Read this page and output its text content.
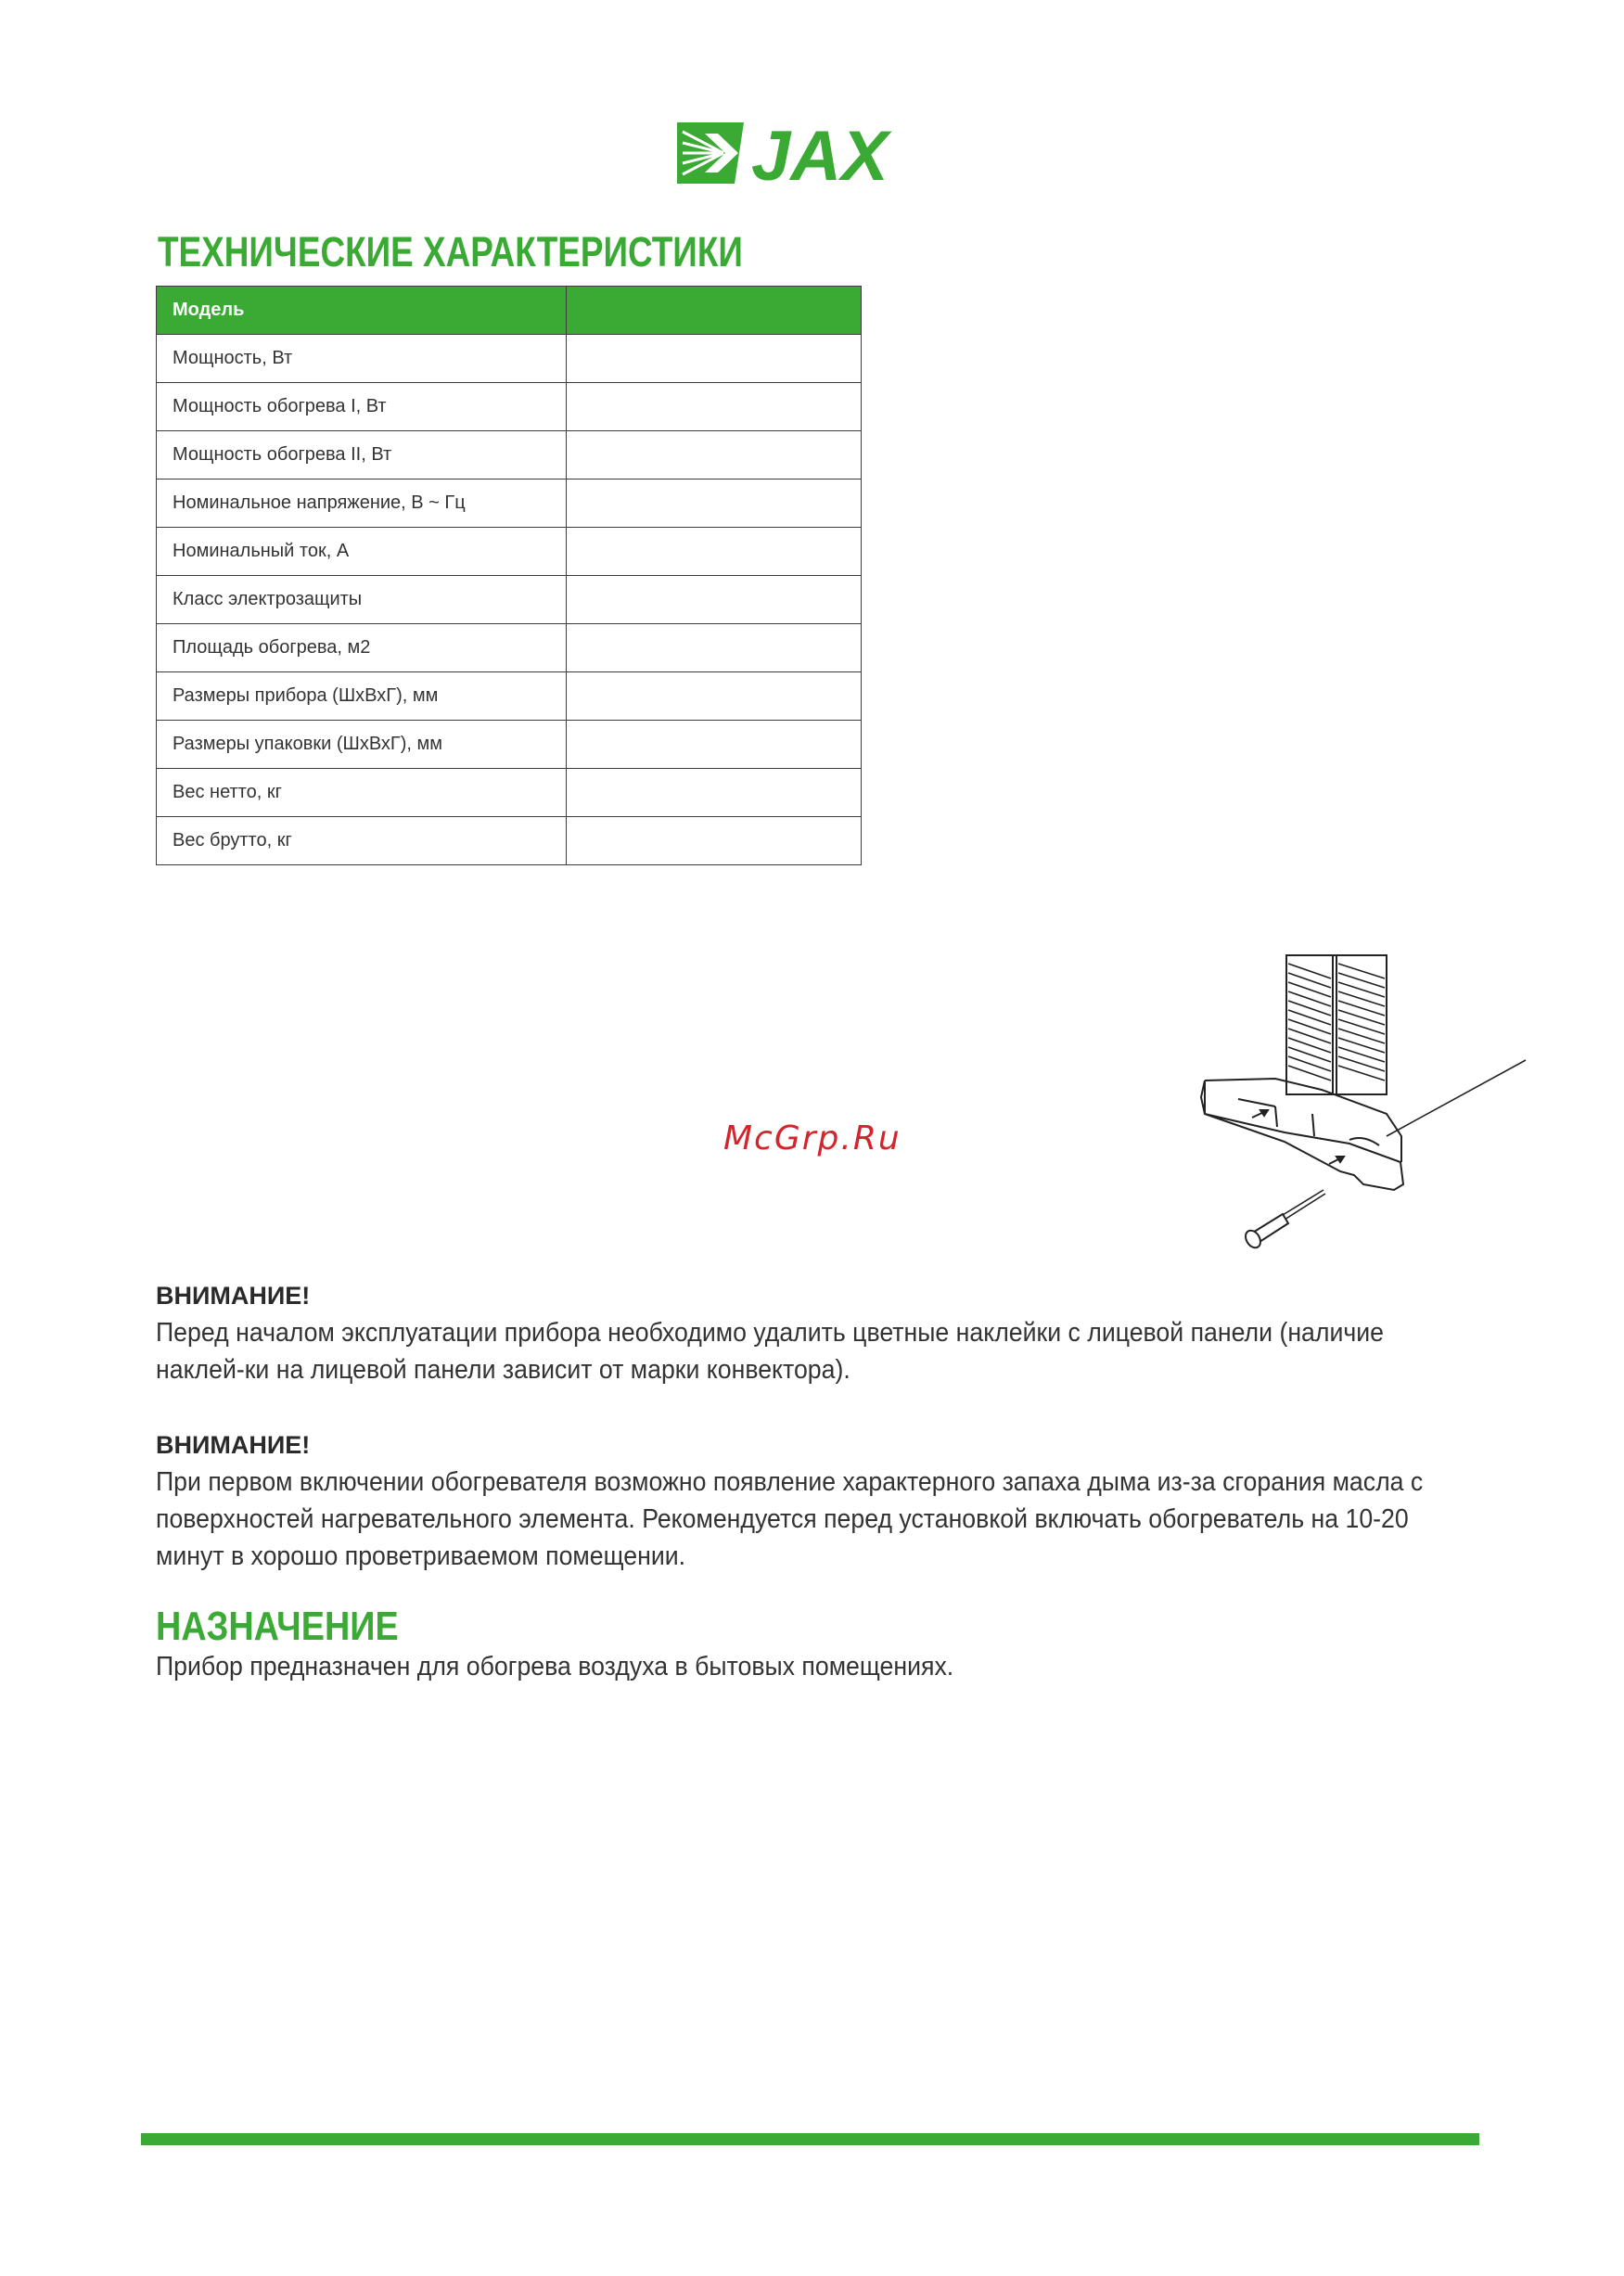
JAX
ТЕХНИЧЕСКИЕ ХАРАКТЕРИСТИКИ
Модель	
Мощность, Вт	
Мощность обогрева I, Вт	
Мощность обогрева II, Вт	
Номинальное напряжение, В ~ Гц	
Номинальный ток, А	
Класс электрозащиты	
Площадь обогрева, м2	
Размеры прибора (ШхВхГ), мм	
Размеры упаковки (ШхВхГ), мм	
Вес нетто, кг	
Вес брутто, кг	
McGrp.Ru
ВНИМАНИЕ!

Перед началом эксплуатации прибора необходимо удалить цветные наклейки с лицевой панели (наличие наклей-ки на лицевой панели зависит от марки конвектора).

ВНИМАНИЕ!

При первом включении обогревателя возможно появление характерного запаха дыма из-за сгорания масла с поверхностей нагревательного элемента. Рекомендуется перед установкой включать обогреватель на 10-20 минут в хорошо проветриваемом помещении.

НАЗНАЧЕНИЕ

Прибор предназначен для обогрева воздуха в бытовых помещениях.
